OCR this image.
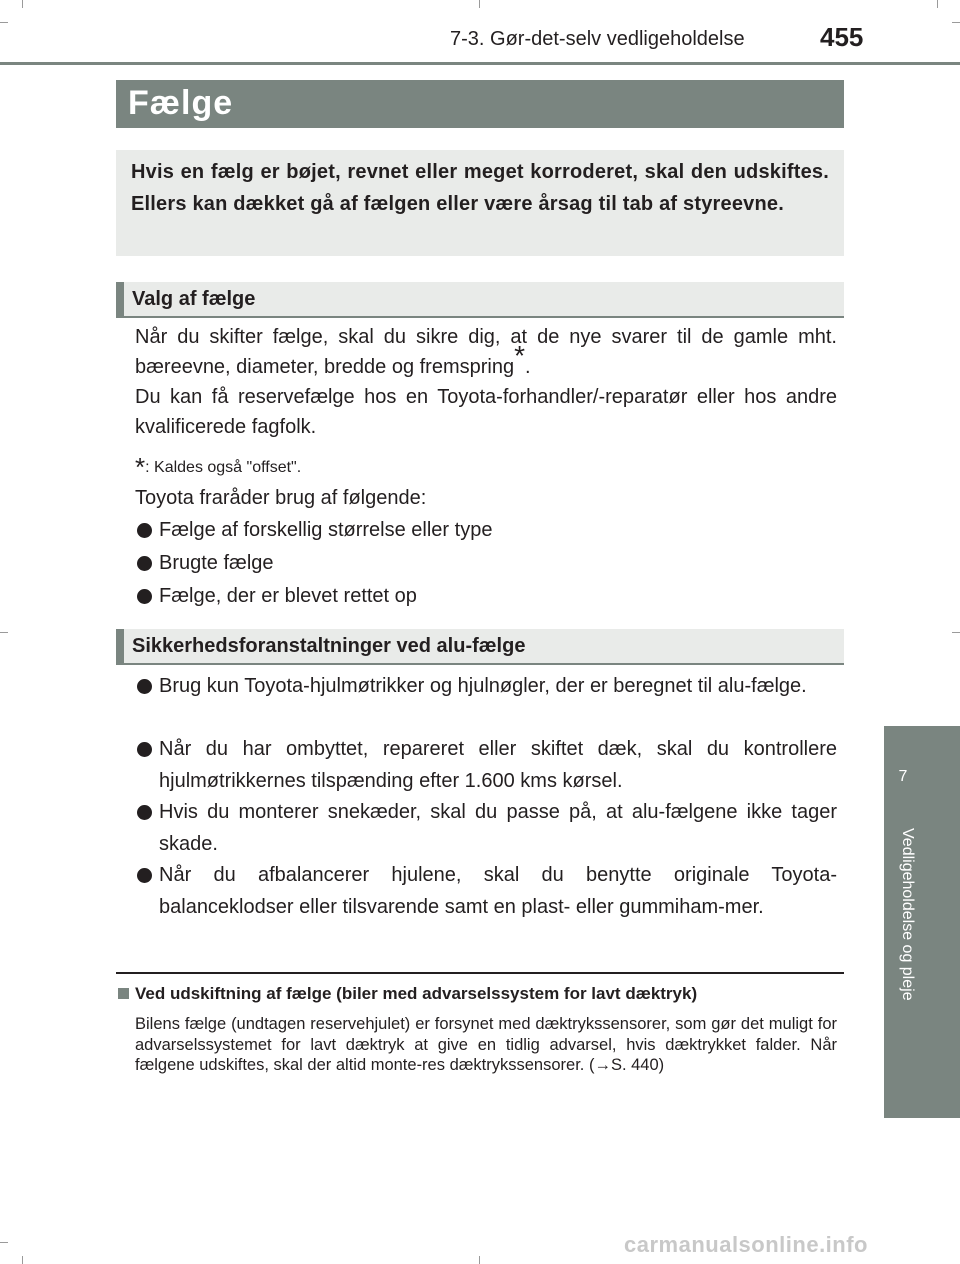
7-3. Gør-det-selv vedligeholdelse	455
Fælge

Hvis en fælg er bøjet, revnet eller meget korroderet, skal den udskiftes. Ellers kan dækket gå af fælgen eller være årsag til tab af styreevne.

Valg af fælge

Når du skifter fælge, skal du sikre dig, at de nye svarer til de gamle mht. bæreevne, diameter, bredde og fremspring*.

Du kan få reservefælge hos en Toyota-forhandler/-reparatør eller hos andre kvalificerede fagfolk.

*: Kaldes også "offset".

Toyota fraråder brug af følgende:

Fælge af forskellig størrelse eller type
Brugte fælge
Fælge, der er blevet rettet op
Sikkerhedsforanstaltninger ved alu-fælge
Brug kun Toyota-hjulmøtrikker og hjulnøgler, der er beregnet til alu-fælge.
Når du har ombyttet, repareret eller skiftet dæk, skal du kontrollere hjulmøtrikkernes tilspænding efter 1.600 kms kørsel.
Hvis du monterer snekæder, skal du passe på, at alu-fælgene ikke tager skade.
Når du afbalancerer hjulene, skal du benytte originale Toyota-balanceklodser eller tilsvarende samt en plast- eller gummiham-mer.
Ved udskiftning af fælge (biler med advarselssystem for lavt dæktryk)

Bilens fælge (undtagen reservehjulet) er forsynet med dæktrykssensorer, som gør det muligt for advarselssystemet for lavt dæktryk at give en tidlig advarsel, hvis dæktrykket falder. Når fælgene udskiftes, skal der altid monte-res dæktrykssensorer. (→S. 440)

7
Vedligeholdelse og pleje
carmanualsonline.info
